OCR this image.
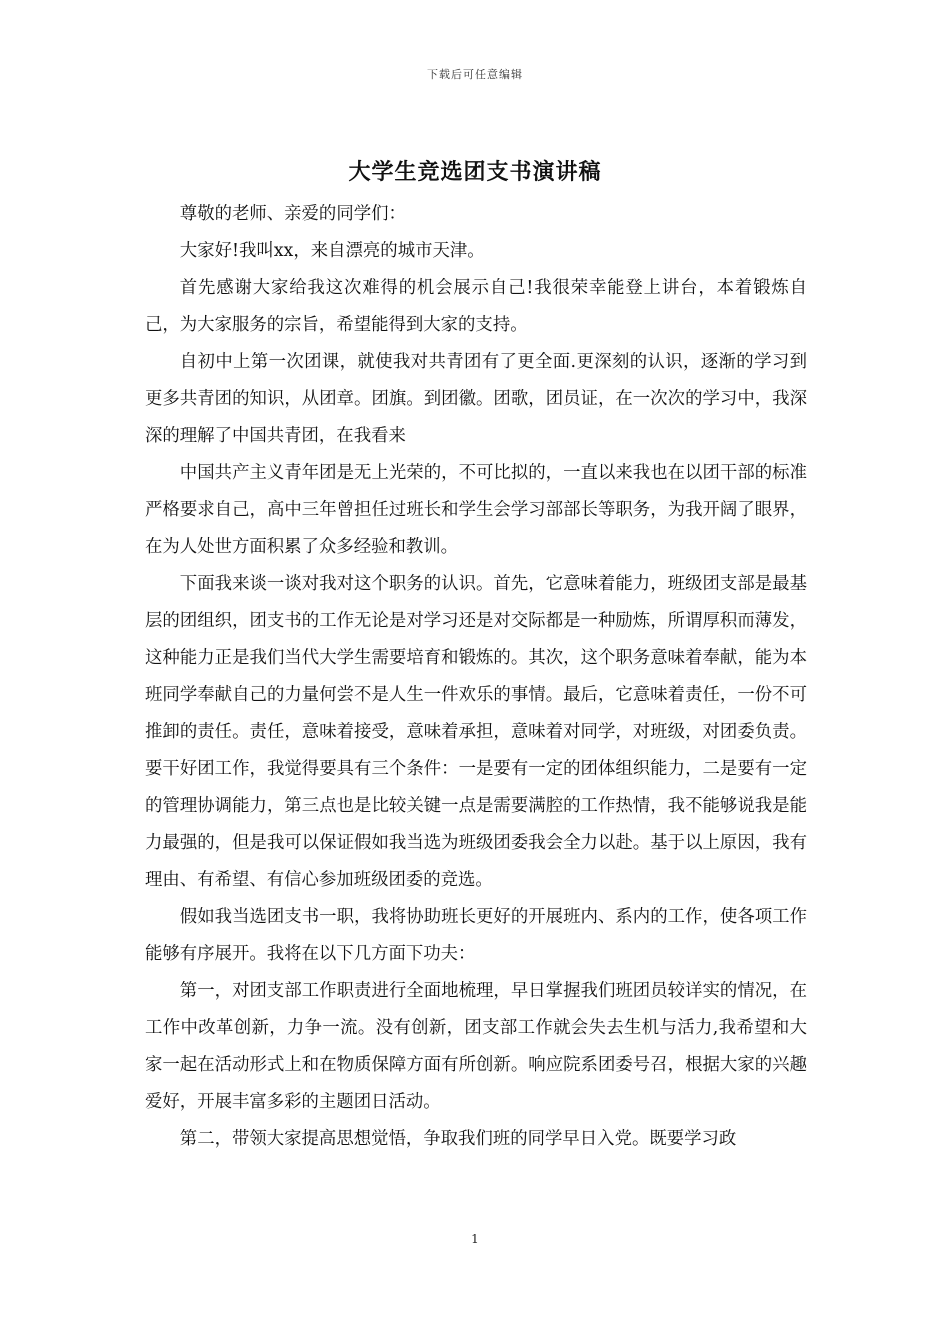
下载后可任意编辑
大学生竞选团支书演讲稿

尊敬的老师、亲爱的同学们：

大家好!我叫xx，来自漂亮的城市天津。

首先感谢大家给我这次难得的机会展示自己!我很荣幸能登上讲台，本着锻炼自己，为大家服务的宗旨，希望能得到大家的支持。

自初中上第一次团课，就使我对共青团有了更全面.更深刻的认识，逐渐的学习到更多共青团的知识，从团章。团旗。到团徽。团歌，团员证，在一次次的学习中，我深深的理解了中国共青团，在我看来

中国共产主义青年团是无上光荣的，不可比拟的，一直以来我也在以团干部的标准严格要求自己，高中三年曾担任过班长和学生会学习部部长等职务，为我开阔了眼界，在为人处世方面积累了众多经验和教训。

下面我来谈一谈对我对这个职务的认识。首先，它意味着能力，班级团支部是最基层的团组织，团支书的工作无论是对学习还是对交际都是一种励炼，所谓厚积而薄发，这种能力正是我们当代大学生需要培育和锻炼的。其次，这个职务意味着奉献，能为本班同学奉献自己的力量何尝不是人生一件欢乐的事情。最后，它意味着责任，一份不可推卸的责任。责任，意味着接受，意味着承担，意味着对同学，对班级，对团委负责。要干好团工作，我觉得要具有三个条件：一是要有一定的团体组织能力，二是要有一定的管理协调能力，第三点也是比较关键一点是需要满腔的工作热情，我不能够说我是能力最强的，但是我可以保证假如我当选为班级团委我会全力以赴。基于以上原因，我有理由、有希望、有信心参加班级团委的竞选。

假如我当选团支书一职，我将协助班长更好的开展班内、系内的工作，使各项工作能够有序展开。我将在以下几方面下功夫：

第一，对团支部工作职责进行全面地梳理，早日掌握我们班团员较详实的情况，在工作中改革创新，力争一流。没有创新，团支部工作就会失去生机与活力,我希望和大家一起在活动形式上和在物质保障方面有所创新。响应院系团委号召，根据大家的兴趣爱好，开展丰富多彩的主题团日活动。

第二，带领大家提高思想觉悟，争取我们班的同学早日入党。既要学习政

1
